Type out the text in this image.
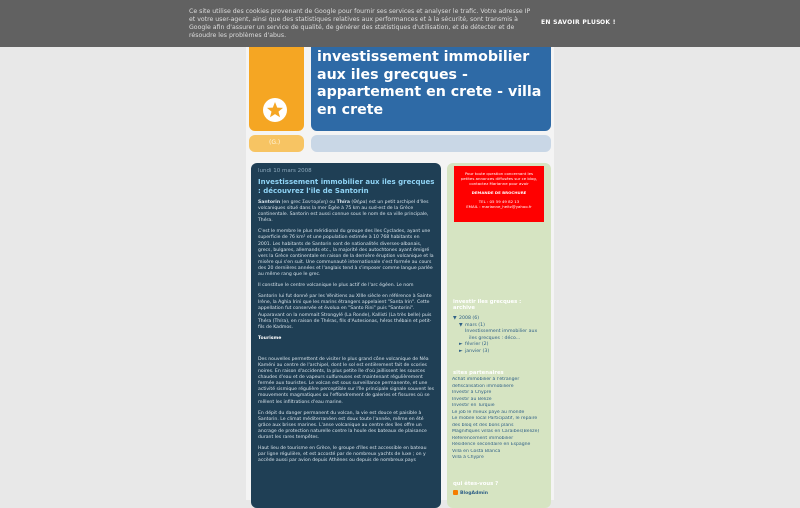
investissement immobilier aux iles grecques - appartement en crete - villa en crete
(G.)
lundi 10 mars 2008
Investissement immobilier aux iles grecques : découvrez l'ile de Santorin

Santorin (en grec Σαντορίνη) ou Thíra (Θήρα) est un petit archipel d'îles volcaniques situé dans la mer Égée à 75 km au sud-est de la Grèce continentale. Santorin est aussi connue sous le nom de sa ville principale, Théra.

C'est le membre le plus méridional du groupe des îles Cyclades, ayant une superficie de 76 km² et une population estimée à 10 768 habitants en 2001. Les habitants de Santorin sont de nationalités diverses-albanais, grecs, bulgares, allemands etc., la majorité des autochtones ayant émigré vers la Grèce continentale en raison de la dernière éruption volcanique et la misère qui s'en suit. Une communauté internationale s'est formée au cours des 20 dernières années et l'anglais tend à s'imposer comme langue parlée au même rang que le grec.

Il constitue le centre volcanique le plus actif de l'arc égéen. Le nom

Santorin lui fut donné par les Vénitiens au XIIIe siècle en référence à Sainte Irène, la Aghia Irini que les marins étrangers appelaient "Santa Irin". Cette appellation fut conservée et évolua en "Santo Rini" puis "Santorini". Auparavant on la nommait Strongylé (La Ronde), Kallisti (La très belle) puis Théra (Thíra), en raison de Théras, fils d'Autesionas, héros thébain et petit-fils de Kadmos.

Tourisme

Des nouvelles permettent de visiter le plus grand cône volcanique de Néa Kaméni au centre de l'archipel, dont le sol est entièrement fait de scories noires. En raison d'accidents, la plus petite île d'où jaillissent les sources chaudes d'eau et de vapeurs sulfureuses est maintenant régulièrement fermée aux touristes. Le volcan est sous surveillance permanente, et une activité sismique régulière perceptible sur l'île principale signale souvent les mouvements magmatiques ou l'effondrement de galeries et fissures où se mêlent les infiltrations d'eau marine.

En dépit du danger permanent du volcan, la vie est douce et paisible à Santorin. Le climat méditerranéen est doux toute l'année, même en été grâce aux brises marines. L'anse volcanique au centre des îles offre un ancrage de protection naturelle contre la houle des bateaux de plaisance durant les rares tempêtes.

Haut lieu de tourisme en Grèce, le groupe d'îles est accessible en bateau par ligne régulière, et est accosté par de nombreux yachts de luxe ; on y accède aussi par avion depuis Athènes ou depuis de nombreux pays

Pour toute question concernant les
petites annonces diffusées sur ce blog,
contactez Marianne pour avoir
DEMANDE DE BROCHURE
TEL : 05 59 49 82 13
EMAIL : marianne_heitz@yahoo.fr
investir iles grecques : archive
▼ 2008 (6)
▼ mars (1)
Investissement immobilier aux
iles grecques : déco...
► février (2)
► janvier (3)
sites partenaires
Achat immobilier à l'étranger
defiscalisation immobiliere
Investir à Chypre
Investir au Belize
Investir en Turquie
Le job le mieux payé au monde
Le mobile local Participatif, le repaire
des bloq et des bons plans
Magnifiques villas en Caraïbes(Belize)
Referencement immobilier
Résidence secondaire en Espagne
Villa en Costa Blanca
Villa à Chypre
qui êtes-vous ?
BlogAdmin
Ce site utilise des cookies provenant de Google pour fournir ses services et analyser le trafic. Votre adresse IP et votre user-agent, ainsi que des statistiques relatives aux performances et à la sécurité, sont transmis à Google afin d'assurer un service de qualité, de générer des statistiques d'utilisation, et de détecter et de résoudre les problèmes d'abus.
EN SAVOIR PLUS OK !
